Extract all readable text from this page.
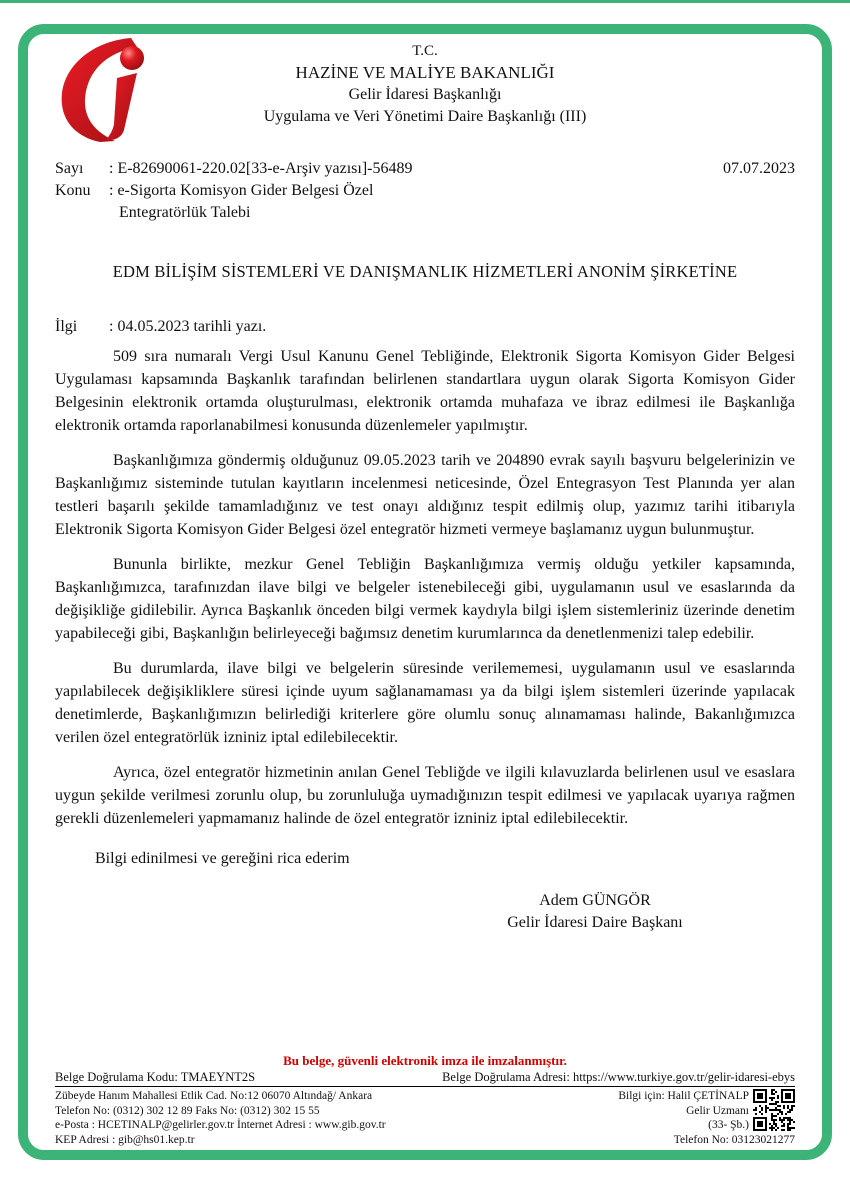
T.C.
HAZİNE VE MALİYE BAKANLIĞI
Gelir İdaresi Başkanlığı
Uygulama ve Veri Yönetimi Daire Başkanlığı (III)
Sayı	: E-82690061-220.02[33-e-Arşiv yazısı]-56489	07.07.2023
Konu	: e-Sigorta Komisyon Gider Belgesi Özel
Entegratörlük Talebi
EDM BİLİŞİM SİSTEMLERİ VE DANIŞMANLIK HİZMETLERİ ANONİM ŞİRKETİNE
İlgi	: 04.05.2023 tarihli yazı.

509 sıra numaralı Vergi Usul Kanunu Genel Tebliğinde, Elektronik Sigorta Komisyon Gider Belgesi Uygulaması kapsamında Başkanlık tarafından belirlenen standartlara uygun olarak Sigorta Komisyon Gider Belgesinin elektronik ortamda oluşturulması, elektronik ortamda muhafaza ve ibraz edilmesi ile Başkanlığa elektronik ortamda raporlanabilmesi konusunda düzenlemeler yapılmıştır.

Başkanlığımıza göndermiş olduğunuz 09.05.2023 tarih ve 204890 evrak sayılı başvuru belgelerinizin ve Başkanlığımız sisteminde tutulan kayıtların incelenmesi neticesinde, Özel Entegrasyon Test Planında yer alan testleri başarılı şekilde tamamladığınız ve test onayı aldığınız tespit edilmiş olup, yazımız tarihi itibarıyla Elektronik Sigorta Komisyon Gider Belgesi özel entegratör hizmeti vermeye başlamanız uygun bulunmuştur.

Bununla birlikte, mezkur Genel Tebliğin Başkanlığımıza vermiş olduğu yetkiler kapsamında, Başkanlığımızca, tarafınızdan ilave bilgi ve belgeler istenebileceği gibi, uygulamanın usul ve esaslarında da değişikliğe gidilebilir. Ayrıca Başkanlık önceden bilgi vermek kaydıyla bilgi işlem sistemleriniz üzerinde denetim yapabileceği gibi, Başkanlığın belirleyeceği bağımsız denetim kurumlarınca da denetlenmenizi talep edebilir.

Bu durumlarda, ilave bilgi ve belgelerin süresinde verilememesi, uygulamanın usul ve esaslarında yapılabilecek değişikliklere süresi içinde uyum sağlanamaması ya da bilgi işlem sistemleri üzerinde yapılacak denetimlerde, Başkanlığımızın belirlediği kriterlere göre olumlu sonuç alınamaması halinde, Bakanlığımızca verilen özel entegratörlük izniniz iptal edilebilecektir.

Ayrıca, özel entegratör hizmetinin anılan Genel Tebliğde ve ilgili kılavuzlarda belirlenen usul ve esaslara uygun şekilde verilmesi zorunlu olup, bu zorunluluğa uymadığınızın tespit edilmesi ve yapılacak uyarıya rağmen gerekli düzenlemeleri yapmamanız halinde de özel entegratör izniniz iptal edilebilecektir.

Bilgi edinilmesi ve gereğini rica ederim

Adem GÜNGÖR
Gelir İdaresi Daire Başkanı
Bu belge, güvenli elektronik imza ile imzalanmıştır.
Belge Doğrulama Kodu: TMAEYNT2S	Belge Doğrulama Adresi: https://www.turkiye.gov.tr/gelir-idaresi-ebys
Zübeyde Hanım Mahallesi Etlik Cad. No:12 06070 Altındağ/ Ankara
Telefon No: (0312) 302 12 89 Faks No: (0312) 302 15 55
e-Posta : HCETINALP@gelirler.gov.tr İnternet Adresi : www.gib.gov.tr
KEP Adresi : gib@hs01.kep.tr
Bilgi için: Halil ÇETİNALP
Gelir Uzmanı
(33- Şb.)
Telefon No: 03123021277
